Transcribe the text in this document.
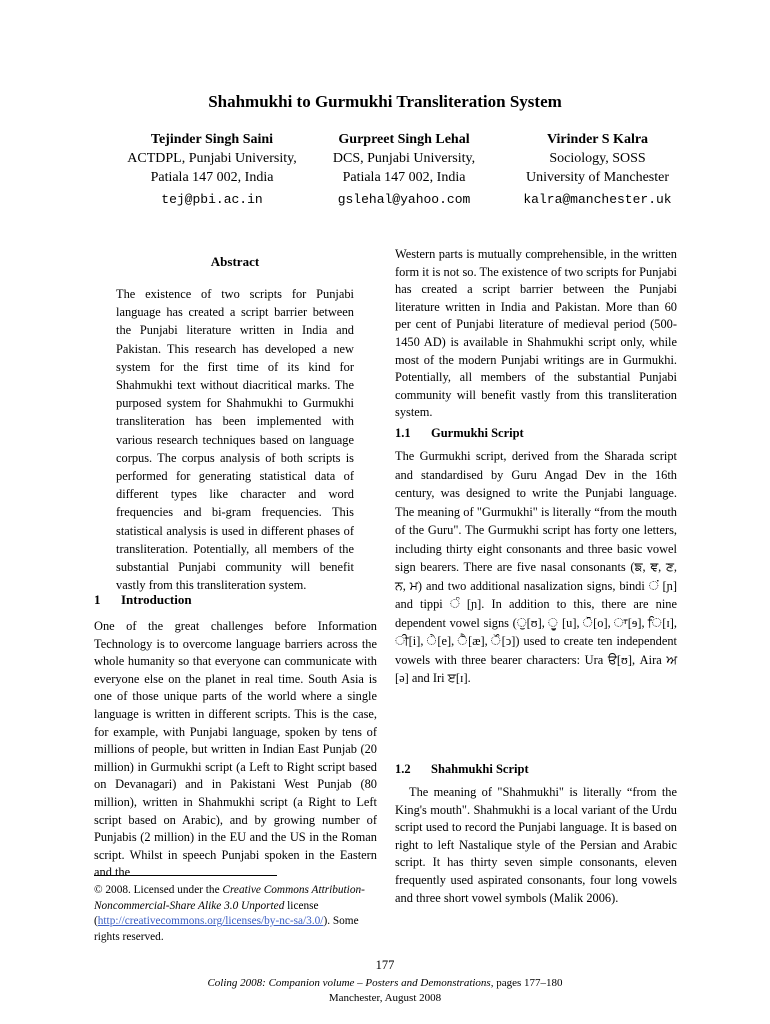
Shahmukhi to Gurmukhi Transliteration System
Tejinder Singh Saini
ACTDPL, Punjabi University,
Patiala 147 002, India
tej@pbi.ac.in
Gurpreet Singh Lehal
DCS, Punjabi University,
Patiala 147 002, India
gslehal@yahoo.com
Virinder S Kalra
Sociology, SOSS
University of Manchester
kalra@manchester.uk
Abstract

The existence of two scripts for Punjabi language has created a script barrier between the Punjabi literature written in India and Pakistan. This research has developed a new system for the first time of its kind for Shahmukhi text without diacritical marks. The purposed system for Shahmukhi to Gurmukhi transliteration has been implemented with various research techniques based on language corpus. The corpus analysis of both scripts is performed for generating statistical data of different types like character and word frequencies and bi-gram frequencies. This statistical analysis is used in different phases of transliteration. Potentially, all members of the substantial Punjabi community will benefit vastly from this transliteration system.

1 Introduction

One of the great challenges before Information Technology is to overcome language barriers across the whole humanity so that everyone can communicate with everyone else on the planet in real time. South Asia is one of those unique parts of the world where a single language is written in different scripts. This is the case, for example, with Punjabi language, spoken by tens of millions of people, but written in Indian East Punjab (20 million) in Gurmukhi script (a Left to Right script based on Devanagari) and in Pakistani West Punjab (80 million), written in Shahmukhi script (a Right to Left script based on Arabic), and by growing number of Punjabis (2 million) in the EU and the US in the Roman script. Whilst in speech Punjabi spoken in the Eastern and the

© 2008. Licensed under the Creative Commons Attribution-Noncommercial-Share Alike 3.0 Unported license (http://creativecommons.org/licenses/by-nc-sa/3.0/). Some rights reserved.

Western parts is mutually comprehensible, in the written form it is not so. The existence of two scripts for Punjabi has created a script barrier between the Punjabi literature written in India and Pakistan. More than 60 per cent of Punjabi literature of medieval period (500-1450 AD) is available in Shahmukhi script only, while most of the modern Punjabi writings are in Gurmukhi. Potentially, all members of the substantial Punjabi community will benefit vastly from this transliteration system.

1.1 Gurmukhi Script

The Gurmukhi script, derived from the Sharada script and standardised by Guru Angad Dev in the 16th century, was designed to write the Punjabi language. The meaning of "Gurmukhi" is literally “from the mouth of the Guru". The Gurmukhi script has forty one letters, including thirty eight consonants and three basic vowel sign bearers. There are five nasal consonants (ਙ, ਞ, ਣ, ਨ, ਮ) and two additional nasalization signs, bindi ਂ [ɲ] and tippi ੰ [ɲ]. In addition to this, there are nine dependent vowel signs (ੁ[ʊ], ੂ [u], ੋ[o], ਾ[ɘ], ਿ[ɪ], ੀ[i], ੇ[e], ੈ[æ], ੌ[ↄ]) used to create ten independent vowels with three bearer characters: Ura ੳ[ʊ], Aira ਅ [ə] and Iri ੲ[ɪ].

1.2 Shahmukhi Script

The meaning of "Shahmukhi" is literally “from the King's mouth". Shahmukhi is a local variant of the Urdu script used to record the Punjabi language. It is based on right to left Nastalique style of the Persian and Arabic script. It has thirty seven simple consonants, eleven frequently used aspirated consonants, four long vowels and three short vowel symbols (Malik 2006).

177
Coling 2008: Companion volume – Posters and Demonstrations, pages 177–180
Manchester, August 2008
